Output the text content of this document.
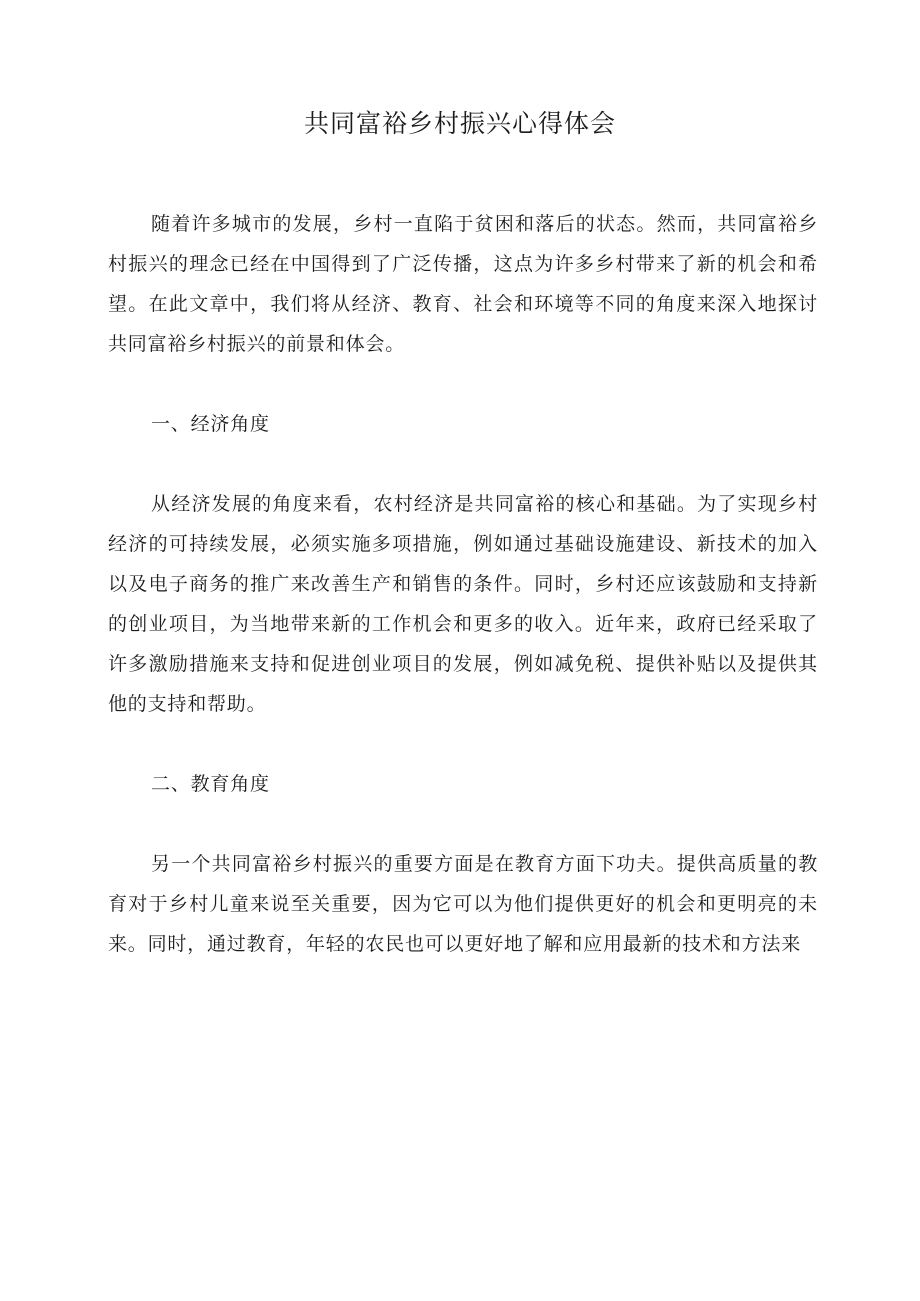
共同富裕乡村振兴心得体会

随着许多城市的发展，乡村一直陷于贫困和落后的状态。然而，共同富裕乡村振兴的理念已经在中国得到了广泛传播，这点为许多乡村带来了新的机会和希望。在此文章中，我们将从经济、教育、社会和环境等不同的角度来深入地探讨共同富裕乡村振兴的前景和体会。

一、经济角度

从经济发展的角度来看，农村经济是共同富裕的核心和基础。为了实现乡村经济的可持续发展，必须实施多项措施，例如通过基础设施建设、新技术的加入以及电子商务的推广来改善生产和销售的条件。同时，乡村还应该鼓励和支持新的创业项目，为当地带来新的工作机会和更多的收入。近年来，政府已经采取了许多激励措施来支持和促进创业项目的发展，例如减免税、提供补贴以及提供其他的支持和帮助。

二、教育角度

另一个共同富裕乡村振兴的重要方面是在教育方面下功夫。提供高质量的教育对于乡村儿童来说至关重要，因为它可以为他们提供更好的机会和更明亮的未来。同时，通过教育，年轻的农民也可以更好地了解和应用最新的技术和方法来
